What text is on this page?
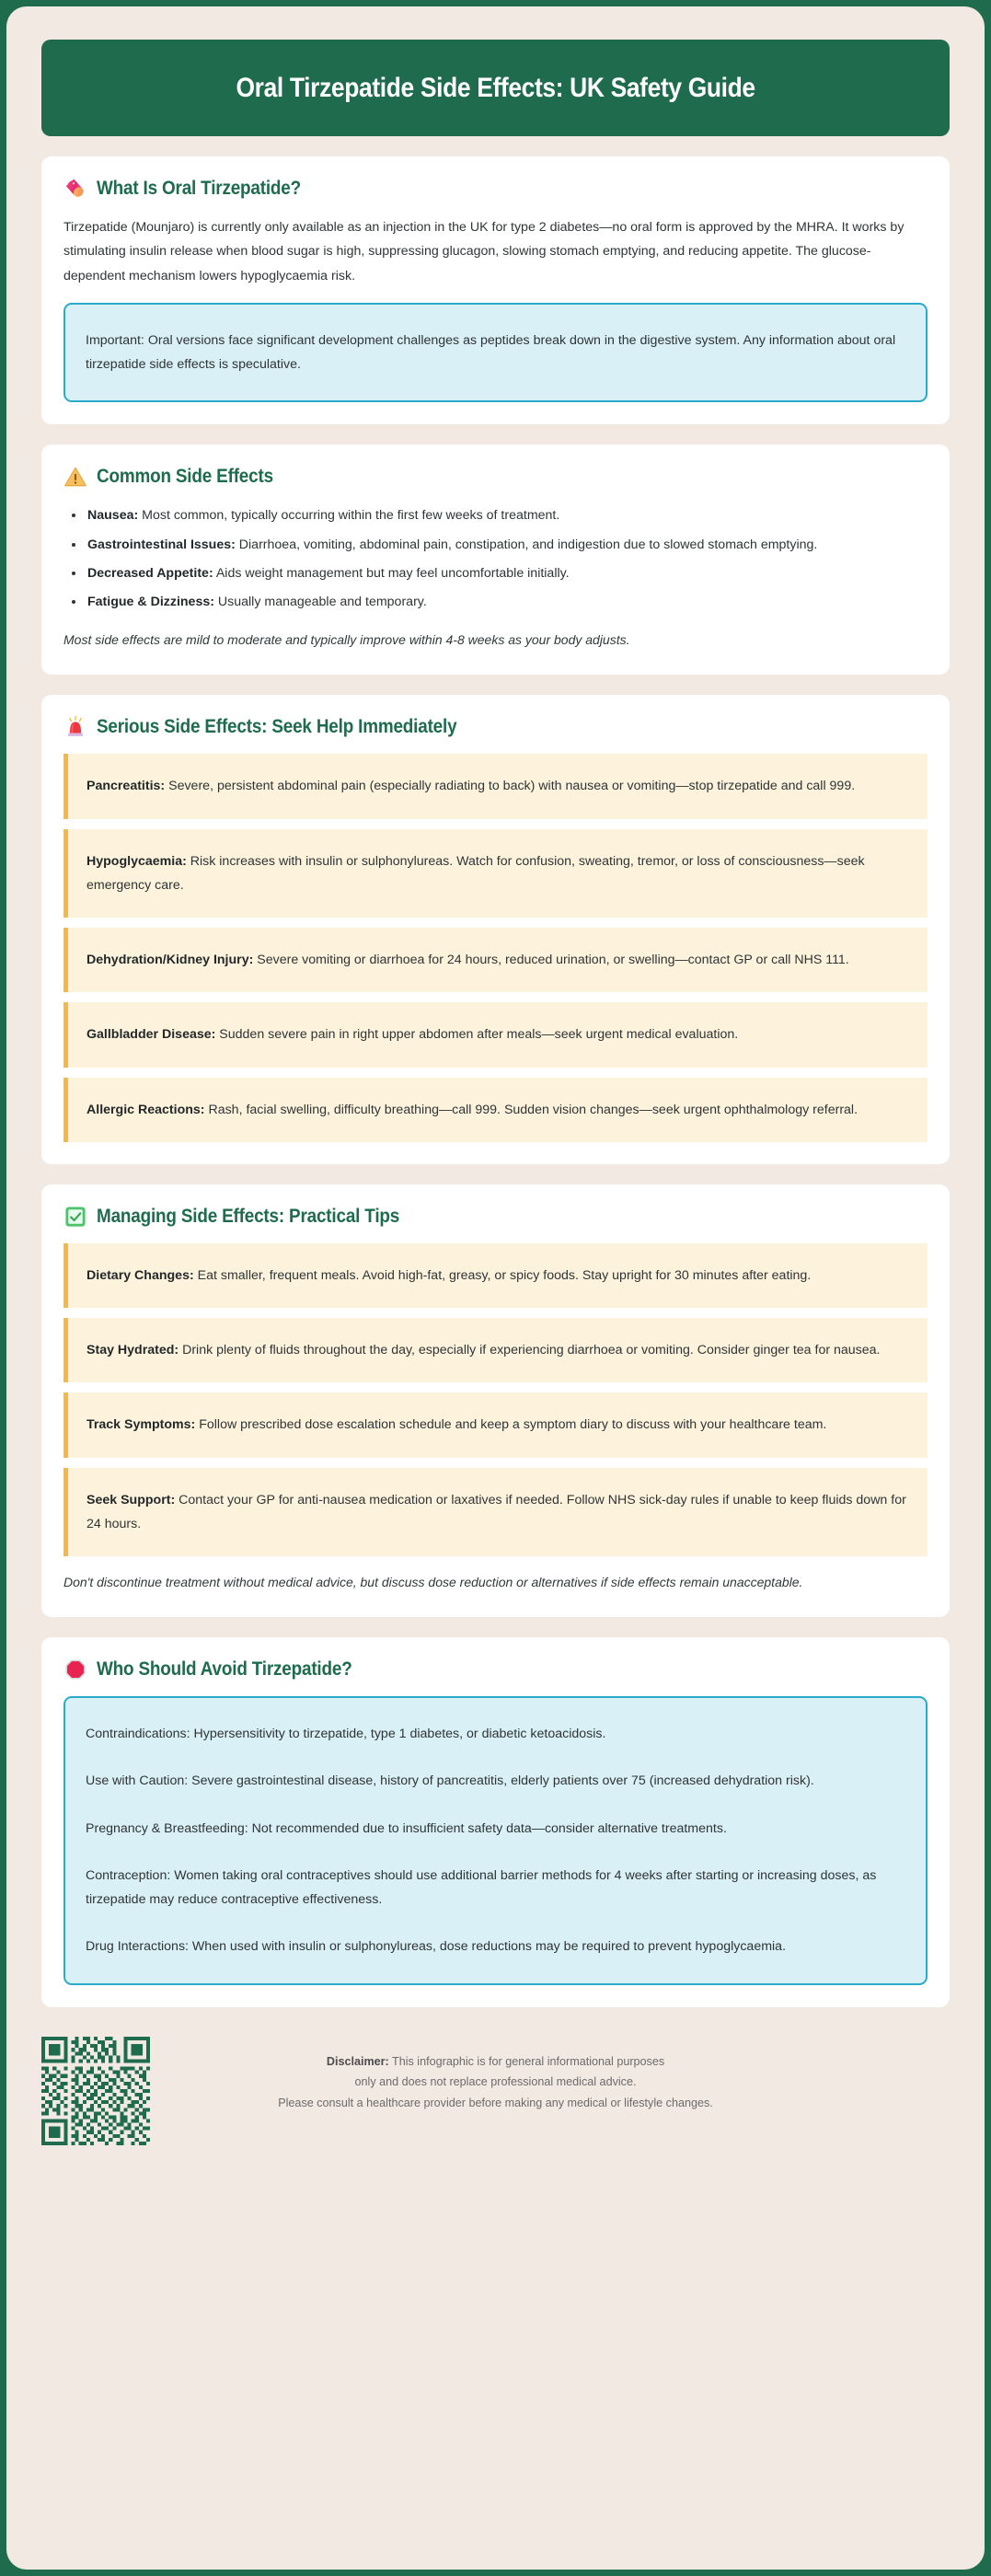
Oral Tirzepatide Side Effects: UK Safety Guide
What Is Oral Tirzepatide?
Tirzepatide (Mounjaro) is currently only available as an injection in the UK for type 2 diabetes—no oral form is approved by the MHRA. It works by stimulating insulin release when blood sugar is high, suppressing glucagon, slowing stomach emptying, and reducing appetite. The glucose-dependent mechanism lowers hypoglycaemia risk.
Important: Oral versions face significant development challenges as peptides break down in the digestive system. Any information about oral tirzepatide side effects is speculative.
Common Side Effects
Nausea: Most common, typically occurring within the first few weeks of treatment.
Gastrointestinal Issues: Diarrhoea, vomiting, abdominal pain, constipation, and indigestion due to slowed stomach emptying.
Decreased Appetite: Aids weight management but may feel uncomfortable initially.
Fatigue & Dizziness: Usually manageable and temporary.
Most side effects are mild to moderate and typically improve within 4-8 weeks as your body adjusts.
Serious Side Effects: Seek Help Immediately
Pancreatitis: Severe, persistent abdominal pain (especially radiating to back) with nausea or vomiting—stop tirzepatide and call 999.
Hypoglycaemia: Risk increases with insulin or sulphonylureas. Watch for confusion, sweating, tremor, or loss of consciousness—seek emergency care.
Dehydration/Kidney Injury: Severe vomiting or diarrhoea for 24 hours, reduced urination, or swelling—contact GP or call NHS 111.
Gallbladder Disease: Sudden severe pain in right upper abdomen after meals—seek urgent medical evaluation.
Allergic Reactions: Rash, facial swelling, difficulty breathing—call 999. Sudden vision changes—seek urgent ophthalmology referral.
Managing Side Effects: Practical Tips
Dietary Changes: Eat smaller, frequent meals. Avoid high-fat, greasy, or spicy foods. Stay upright for 30 minutes after eating.
Stay Hydrated: Drink plenty of fluids throughout the day, especially if experiencing diarrhoea or vomiting. Consider ginger tea for nausea.
Track Symptoms: Follow prescribed dose escalation schedule and keep a symptom diary to discuss with your healthcare team.
Seek Support: Contact your GP for anti-nausea medication or laxatives if needed. Follow NHS sick-day rules if unable to keep fluids down for 24 hours.
Don't discontinue treatment without medical advice, but discuss dose reduction or alternatives if side effects remain unacceptable.
Who Should Avoid Tirzepatide?
Contraindications: Hypersensitivity to tirzepatide, type 1 diabetes, or diabetic ketoacidosis.
Use with Caution: Severe gastrointestinal disease, history of pancreatitis, elderly patients over 75 (increased dehydration risk).
Pregnancy & Breastfeeding: Not recommended due to insufficient safety data—consider alternative treatments.
Contraception: Women taking oral contraceptives should use additional barrier methods for 4 weeks after starting or increasing doses, as tirzepatide may reduce contraceptive effectiveness.
Drug Interactions: When used with insulin or sulphonylureas, dose reductions may be required to prevent hypoglycaemia.
Disclaimer: This infographic is for general informational purposes
only and does not replace professional medical advice.
Please consult a healthcare provider before making any medical or lifestyle changes.
